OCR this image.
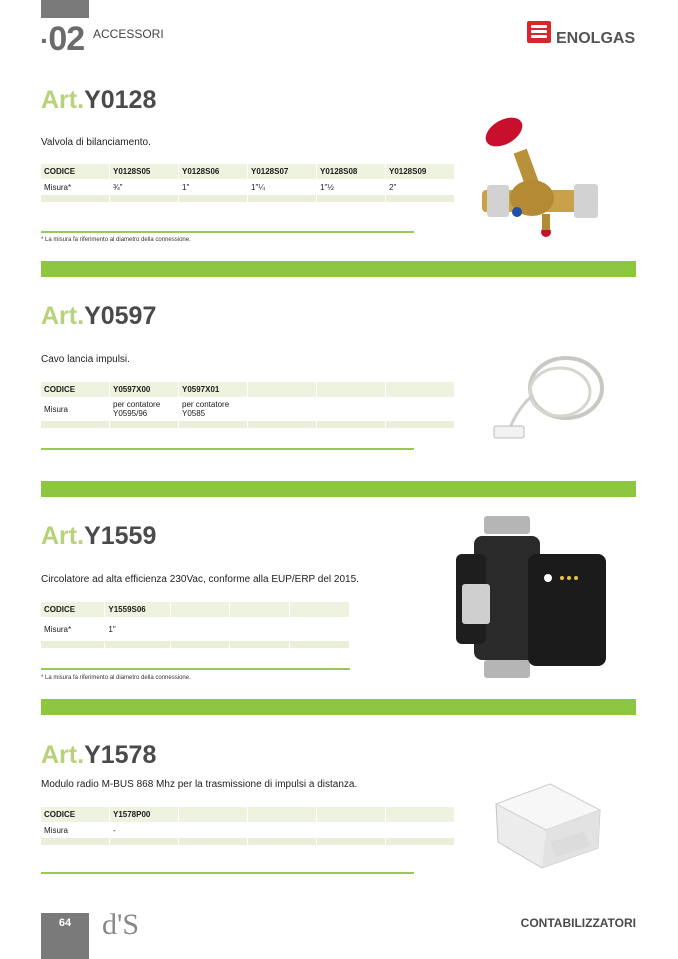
·02 ACCESSORI	ENOLGAS
Art.Y0128
Valvola di bilanciamento.
CODICE	Y0128S05	Y0128S06	Y0128S07	Y0128S08	Y0128S09
Misura*	¾"	1"	1"¼	1"½	2"

* La misura fa riferimento al diametro della connessione.
Art.Y0597
Cavo lancia impulsi.
CODICE	Y0597X00	Y0597X01			
Misura	per contatore Y0595/96	per contatore Y0585			

Art.Y1559
Circolatore ad alta efficienza 230Vac, conforme alla EUP/ERP del 2015.
CODICE	Y1559S06			
Misura*	1"			

* La misura fa riferimento al diametro della connessione.
Art.Y1578
Modulo radio M-BUS 868 Mhz per la trasmissione di impulsi a distanza.
CODICE	Y1578P00				
Misura	-				

64	d'S	CONTABILIZZATORI
